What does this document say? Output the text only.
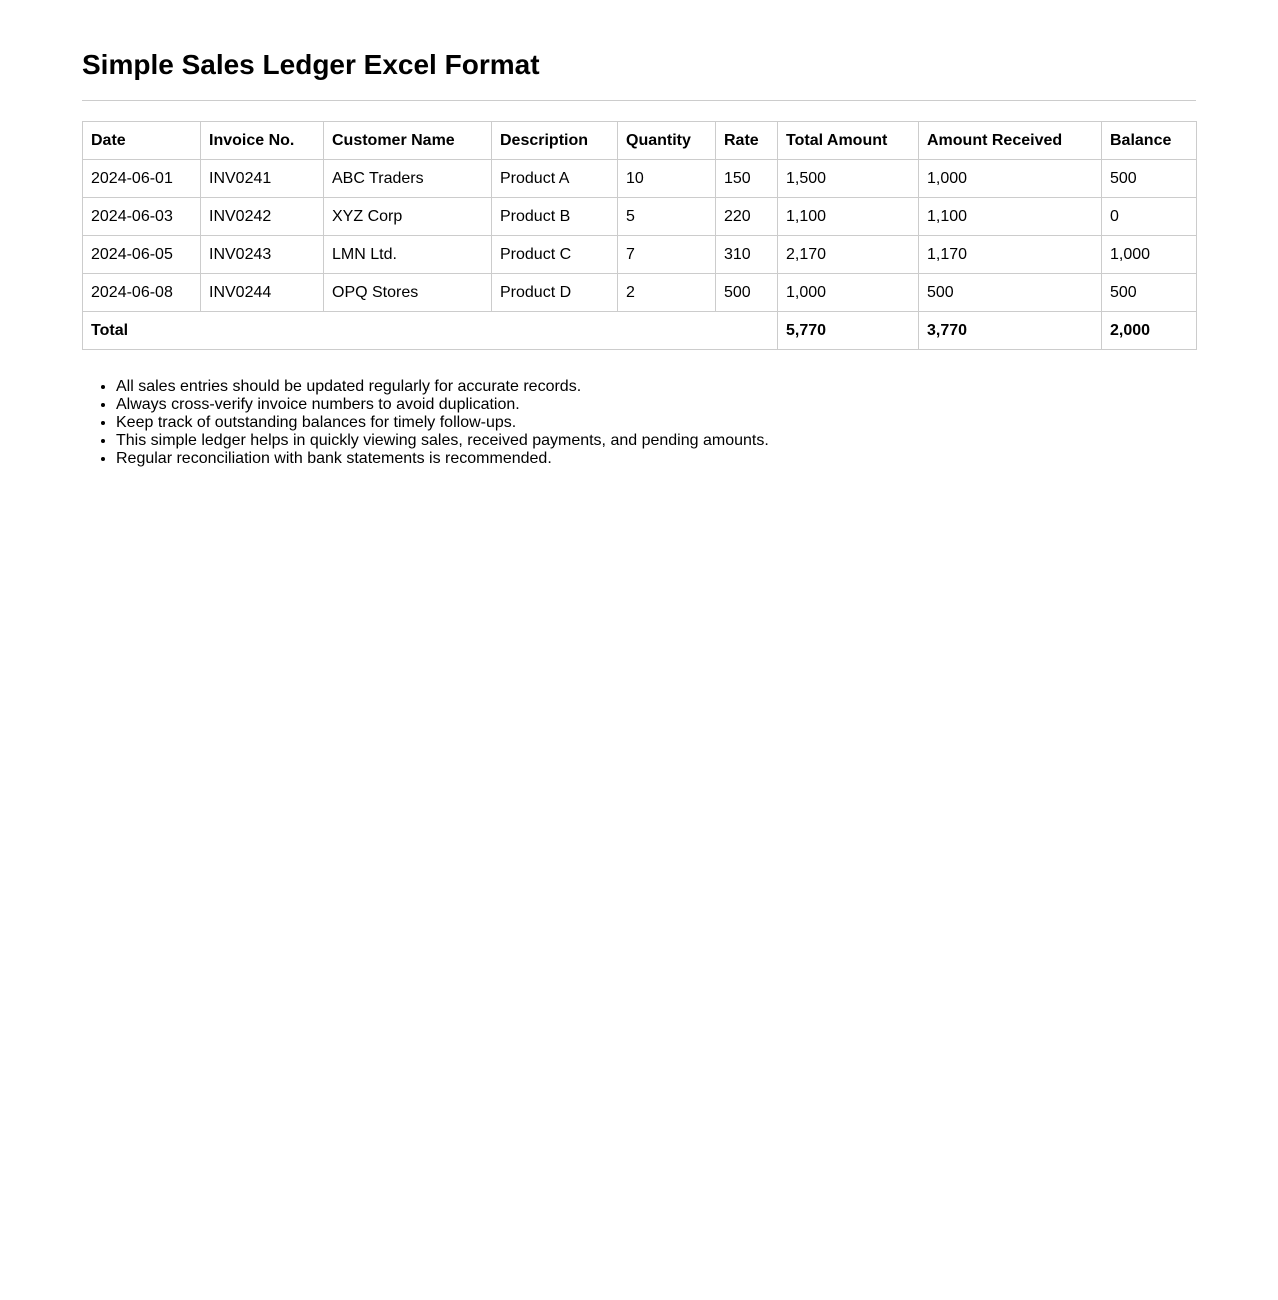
Simple Sales Ledger Excel Format
Date	Invoice No.	Customer Name	Description	Quantity	Rate	Total Amount	Amount Received	Balance
2024-06-01	INV0241	ABC Traders	Product A	10	150	1,500	1,000	500
2024-06-03	INV0242	XYZ Corp	Product B	5	220	1,100	1,100	0
2024-06-05	INV0243	LMN Ltd.	Product C	7	310	2,170	1,170	1,000
2024-06-08	INV0244	OPQ Stores	Product D	2	500	1,000	500	500
Total						5,770	3,770	2,000
• All sales entries should be updated regularly for accurate records.
• Always cross-verify invoice numbers to avoid duplication.
• Keep track of outstanding balances for timely follow-ups.
• This simple ledger helps in quickly viewing sales, received payments, and pending amounts.
• Regular reconciliation with bank statements is recommended.
